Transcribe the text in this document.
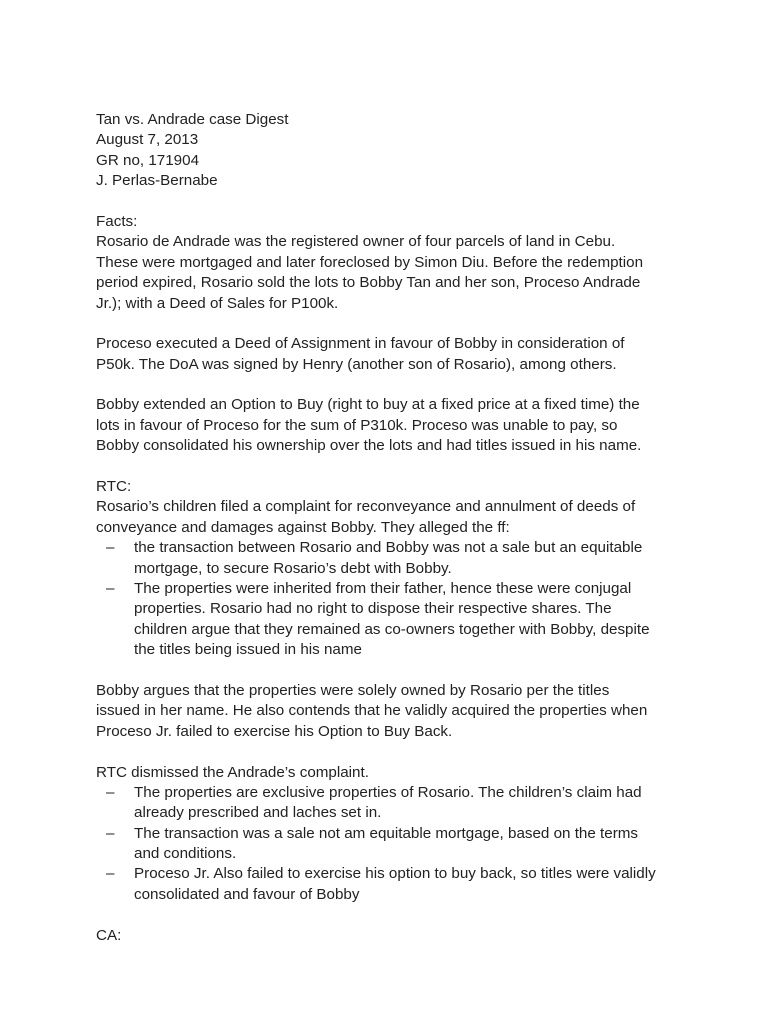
Tan vs. Andrade case Digest
August 7, 2013
GR no, 171904
J. Perlas-Bernabe
Facts:
Rosario de Andrade was the registered owner of four parcels of land in Cebu.
These were mortgaged and later foreclosed by Simon Diu. Before the redemption
period expired, Rosario sold the lots to Bobby Tan and her son, Proceso Andrade
Jr.); with a Deed of Sales for P100k.
Proceso executed a Deed of Assignment in favour of Bobby in consideration of
P50k. The DoA was signed by Henry (another son of Rosario), among others.
Bobby extended an Option to Buy (right to buy at a fixed price at a fixed time) the
lots in favour of Proceso for the sum of P310k. Proceso was unable to pay, so
Bobby consolidated his ownership over the lots and had titles issued in his name.
RTC:
Rosario’s children filed a complaint for reconveyance and annulment of deeds of
conveyance and damages against Bobby. They alleged the ff:
– the transaction between Rosario and Bobby was not a sale but an equitable
mortgage, to secure Rosario’s debt with Bobby.
– The properties were inherited from their father, hence these were conjugal
properties. Rosario had no right to dispose their respective shares. The
children argue that they remained as co-owners together with Bobby, despite
the titles being issued in his name
Bobby argues that the properties were solely owned by Rosario per the titles
issued in her name. He also contends that he validly acquired the properties when
Proceso Jr. failed to exercise his Option to Buy Back.
RTC dismissed the Andrade’s complaint.
– The properties are exclusive properties of Rosario. The children’s claim had
already prescribed and laches set in.
– The transaction was a sale not am equitable mortgage, based on the terms
and conditions.
– Proceso Jr. Also failed to exercise his option to buy back, so titles were validly
consolidated and favour of Bobby
CA:
